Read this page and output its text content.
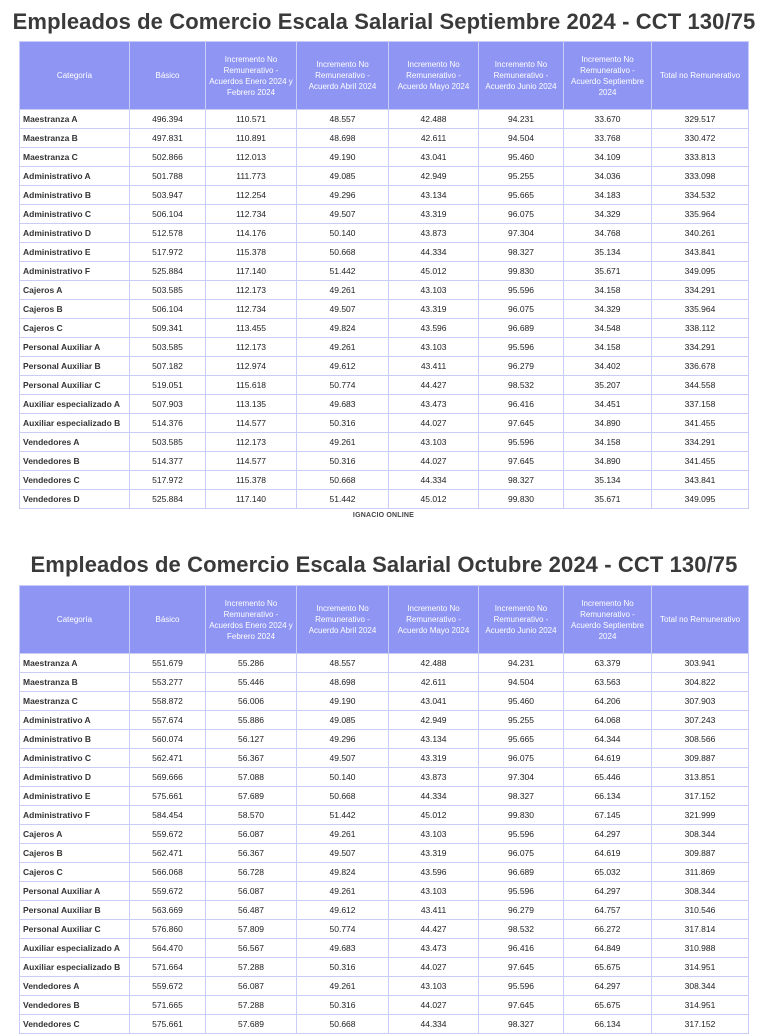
Empleados de Comercio Escala Salarial Septiembre 2024 - CCT 130/75
Categoría	Básico	Incremento No Remunerativo - Acuerdos Enero 2024 y Febrero 2024	Incremento No Remunerativo - Acuerdo Abril 2024	Incremento No Remunerativo - Acuerdo Mayo 2024	Incremento No Remunerativo - Acuerdo Junio 2024	Incremento No Remunerativo - Acuerdo Septiembre 2024	Total no Remunerativo
Maestranza A	496.394	110.571	48.557	42.488	94.231	33.670	329.517
Maestranza B	497.831	110.891	48.698	42.611	94.504	33.768	330.472
Maestranza C	502.866	112.013	49.190	43.041	95.460	34.109	333.813
Administrativo A	501.788	111.773	49.085	42.949	95.255	34.036	333.098
Administrativo B	503.947	112.254	49.296	43.134	95.665	34.183	334.532
Administrativo C	506.104	112.734	49.507	43.319	96.075	34.329	335.964
Administrativo D	512.578	114.176	50.140	43.873	97.304	34.768	340.261
Administrativo E	517.972	115.378	50.668	44.334	98.327	35.134	343.841
Administrativo F	525.884	117.140	51.442	45.012	99.830	35.671	349.095
Cajeros A	503.585	112.173	49.261	43.103	95.596	34.158	334.291
Cajeros B	506.104	112.734	49.507	43.319	96.075	34.329	335.964
Cajeros C	509.341	113.455	49.824	43.596	96.689	34.548	338.112
Personal Auxiliar A	503.585	112.173	49.261	43.103	95.596	34.158	334.291
Personal Auxiliar B	507.182	112.974	49.612	43.411	96.279	34.402	336.678
Personal Auxiliar C	519.051	115.618	50.774	44.427	98.532	35.207	344.558
Auxiliar especializado A	507.903	113.135	49.683	43.473	96.416	34.451	337.158
Auxiliar especializado B	514.376	114.577	50.316	44.027	97.645	34.890	341.455
Vendedores A	503.585	112.173	49.261	43.103	95.596	34.158	334.291
Vendedores B	514.377	114.577	50.316	44.027	97.645	34.890	341.455
Vendedores C	517.972	115.378	50.668	44.334	98.327	35.134	343.841
Vendedores D	525.884	117.140	51.442	45.012	99.830	35.671	349.095
IGNACIO ONLINE
Empleados de Comercio Escala Salarial Octubre 2024 - CCT 130/75
Categoría	Básico	Incremento No Remunerativo - Acuerdos Enero 2024 y Febrero 2024	Incremento No Remunerativo - Acuerdo Abril 2024	Incremento No Remunerativo - Acuerdo Mayo 2024	Incremento No Remunerativo - Acuerdo Junio 2024	Incremento No Remunerativo - Acuerdo Septiembre 2024	Total no Remunerativo
Maestranza A	551.679	55.286	48.557	42.488	94.231	63.379	303.941
Maestranza B	553.277	55.446	48.698	42.611	94.504	63.563	304.822
Maestranza C	558.872	56.006	49.190	43.041	95.460	64.206	307.903
Administrativo A	557.674	55.886	49.085	42.949	95.255	64.068	307.243
Administrativo B	560.074	56.127	49.296	43.134	95.665	64.344	308.566
Administrativo C	562.471	56.367	49.507	43.319	96.075	64.619	309.887
Administrativo D	569.666	57.088	50.140	43.873	97.304	65.446	313.851
Administrativo E	575.661	57.689	50.668	44.334	98.327	66.134	317.152
Administrativo F	584.454	58.570	51.442	45.012	99.830	67.145	321.999
Cajeros A	559.672	56.087	49.261	43.103	95.596	64.297	308.344
Cajeros B	562.471	56.367	49.507	43.319	96.075	64.619	309.887
Cajeros C	566.068	56.728	49.824	43.596	96.689	65.032	311.869
Personal Auxiliar A	559.672	56.087	49.261	43.103	95.596	64.297	308.344
Personal Auxiliar B	563.669	56.487	49.612	43.411	96.279	64.757	310.546
Personal Auxiliar C	576.860	57.809	50.774	44.427	98.532	66.272	317.814
Auxiliar especializado A	564.470	56.567	49.683	43.473	96.416	64.849	310.988
Auxiliar especializado B	571.664	57.288	50.316	44.027	97.645	65.675	314.951
Vendedores A	559.672	56.087	49.261	43.103	95.596	64.297	308.344
Vendedores B	571.665	57.288	50.316	44.027	97.645	65.675	314.951
Vendedores C	575.661	57.689	50.668	44.334	98.327	66.134	317.152
